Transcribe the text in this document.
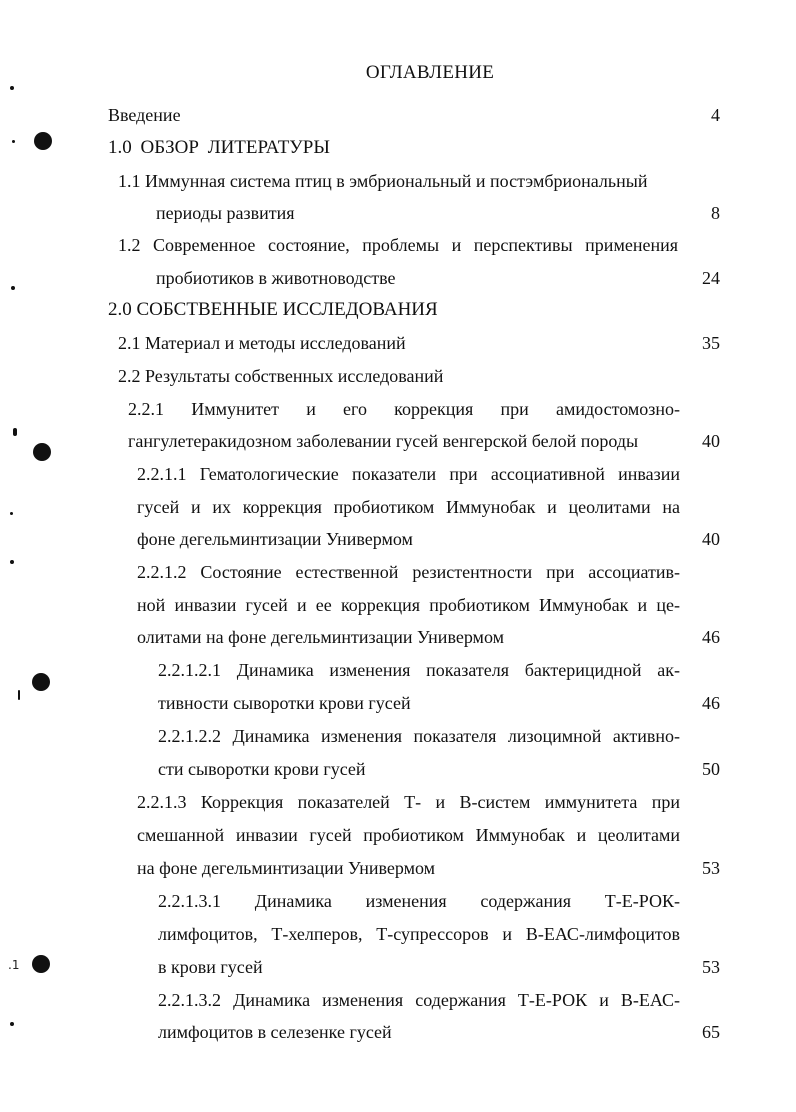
.1
ОГЛАВЛЕНИЕ
Введение	4
1.0 ОБЗОР ЛИТЕРАТУРЫ
1.1 Иммунная система птиц в эмбриональный и постэмбриональный
периоды развития	8
1.2 Современное состояние, проблемы и перспективы применения
пробиотиков в животноводстве	24
2.0 СОБСТВЕННЫЕ ИССЛЕДОВАНИЯ
2.1 Материал и методы исследований	35
2.2 Результаты собственных исследований
2.2.1 Иммунитет и его коррекция при амидостомозно-
гангулетеракидозном заболевании гусей венгерской белой породы	40
2.2.1.1 Гематологические показатели при ассоциативной инвазии
гусей и их коррекция пробиотиком Иммунобак и цеолитами на
фоне дегельминтизации Универмом	40
2.2.1.2 Состояние естественной резистентности при ассоциатив-
ной инвазии гусей и ее коррекция пробиотиком Иммунобак и це-
олитами на фоне дегельминтизации Универмом	46
2.2.1.2.1 Динамика изменения показателя бактерицидной ак-
тивности сыворотки крови гусей	46
2.2.1.2.2 Динамика изменения показателя лизоцимной активно-
сти сыворотки крови гусей	50
2.2.1.3 Коррекция показателей Т- и В-систем иммунитета при
смешанной инвазии гусей пробиотиком Иммунобак и цеолитами
на фоне дегельминтизации Универмом	53
2.2.1.3.1 Динамика изменения содержания Т-Е-РОК-
лимфоцитов, Т-хелперов, Т-супрессоров и В-ЕАС-лимфоцитов
в крови гусей	53
2.2.1.3.2 Динамика изменения содержания Т-Е-РОК и В-ЕАС-
лимфоцитов в селезенке гусей	65
